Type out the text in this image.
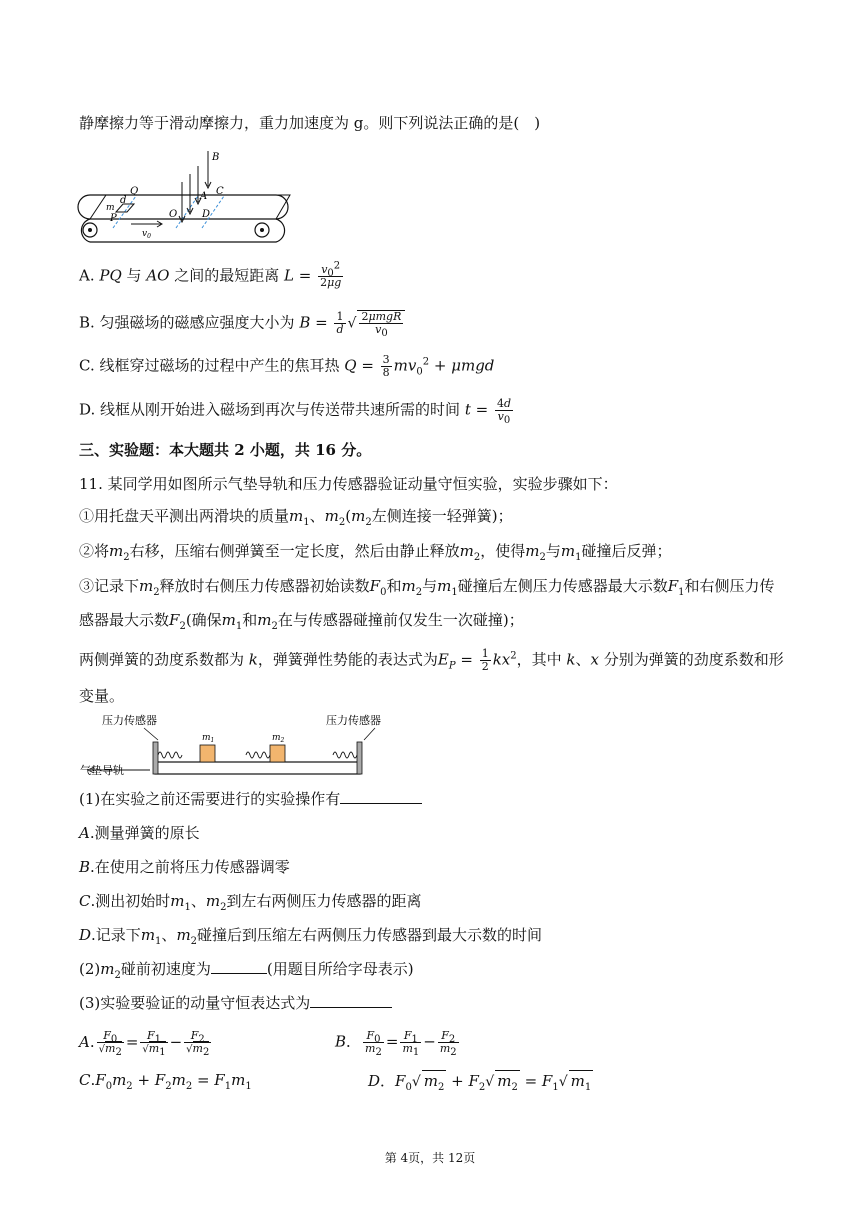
静摩擦力等于滑动摩擦力，重力加速度为 g。则下列说法正确的是(　)
B
Q
d
m
P	O
A C
D
$v_0$
A. PQ 与 AO 之间的最短距离 $L = \frac{v_0^2}{2\mu g}$
B. 匀强磁场的磁感应强度大小为 $B = \frac{1}{d}$ √ $\frac{\text{2μmgR}}{v_0}$
C. 线框穿过磁场的过程中产生的焦耳热 $Q = \frac{3}{8} mv_0^2 + \mu mgd$
D. 线框从刚开始进入磁场到再次与传送带共速所需的时间 $t = \frac{4d}{v_0}$
三、实验题：本大题共 2 小题，共 16 分。
11. 某同学用如图所示气垫导轨和压力传感器验证动量守恒实验，实验步骤如下：
①用托盘天平测出两滑块的质量$m_1$、$m_2(m_2$左侧连接一轻弹簧)；
②将$m_2$右移，压缩右侧弹簧至一定长度，然后由静止释放$m_2$，使得$m_2$与$m_1$碰撞后反弹；
③记录下$m_2$释放时右侧压力传感器初始读数$F_0$和$m_2$与$m_1$碰撞后左侧压力传感器最大示数$F_1$和右侧压力传
感器最大示数$F_2$(确保$m_1$和$m_2$在与传感器碰撞前仅发生一次碰撞)；
两侧弹簧的劲度系数都为 k，弹簧弹性势能的表达式为$E_P = \frac{1}{2} kx^2$，其中 k、x 分别为弹簧的劲度系数和形
变量。
压力传感器	压力传感器
$m_1$	$m_2$
气垫导轨
(1)在实验之前还需要进行的实验操作有
A.测量弹簧的原长
B.在使用之前将压力传感器调零
C.测出初始时$m_1$、$m_2$到左右两侧压力传感器的距离
D.记录下$m_1$、$m_2$碰撞后到压缩左右两侧压力传感器到最大示数的时间
$(2)m_2$碰前初速度为	(用题目所给字母表示)
(3)实验要验证的动量守恒表达式为
A. $\frac{F_0}{√m_2} = \frac{F_1}{√m_1} - \frac{F_2}{√m_2}$	B． $\frac{F_0}{m_2} = \frac{F_1}{m_1} - \frac{F_2}{m_2}$
$C.F_0m_2 + F_2m_2 = F_1m_1$	D．$F_0√$ $m_2 + F_2√$ $m_2 = F_1√$ $m_1$
第 4页，共 12页
